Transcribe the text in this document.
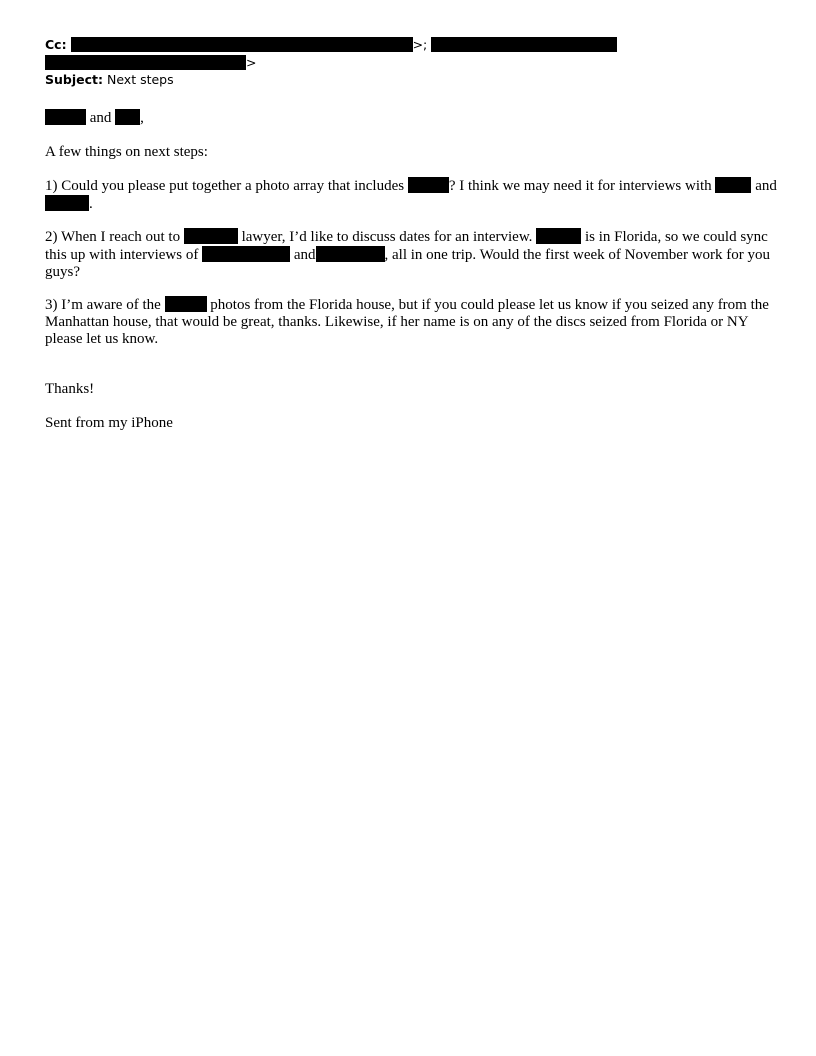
Cc:	>;
>
Subject: Next steps
and ,
A few things on next steps:
1) Could you please put together a photo array that includes	? I think we may need it for interviews with  and
.
2) When I reach out to	lawyer, I’d like to discuss dates for an interview.	is in Florida, so we could sync
this up with interviews of	and	, all in one trip. Would the first week of November work for you
guys?
3) I’m aware of the	photos from the Florida house, but if you could please let us know if you seized any from the
Manhattan house, that would be great, thanks. Likewise, if her name is on any of the discs seized from Florida or NY
please let us know.
Thanks!
Sent from my iPhone
